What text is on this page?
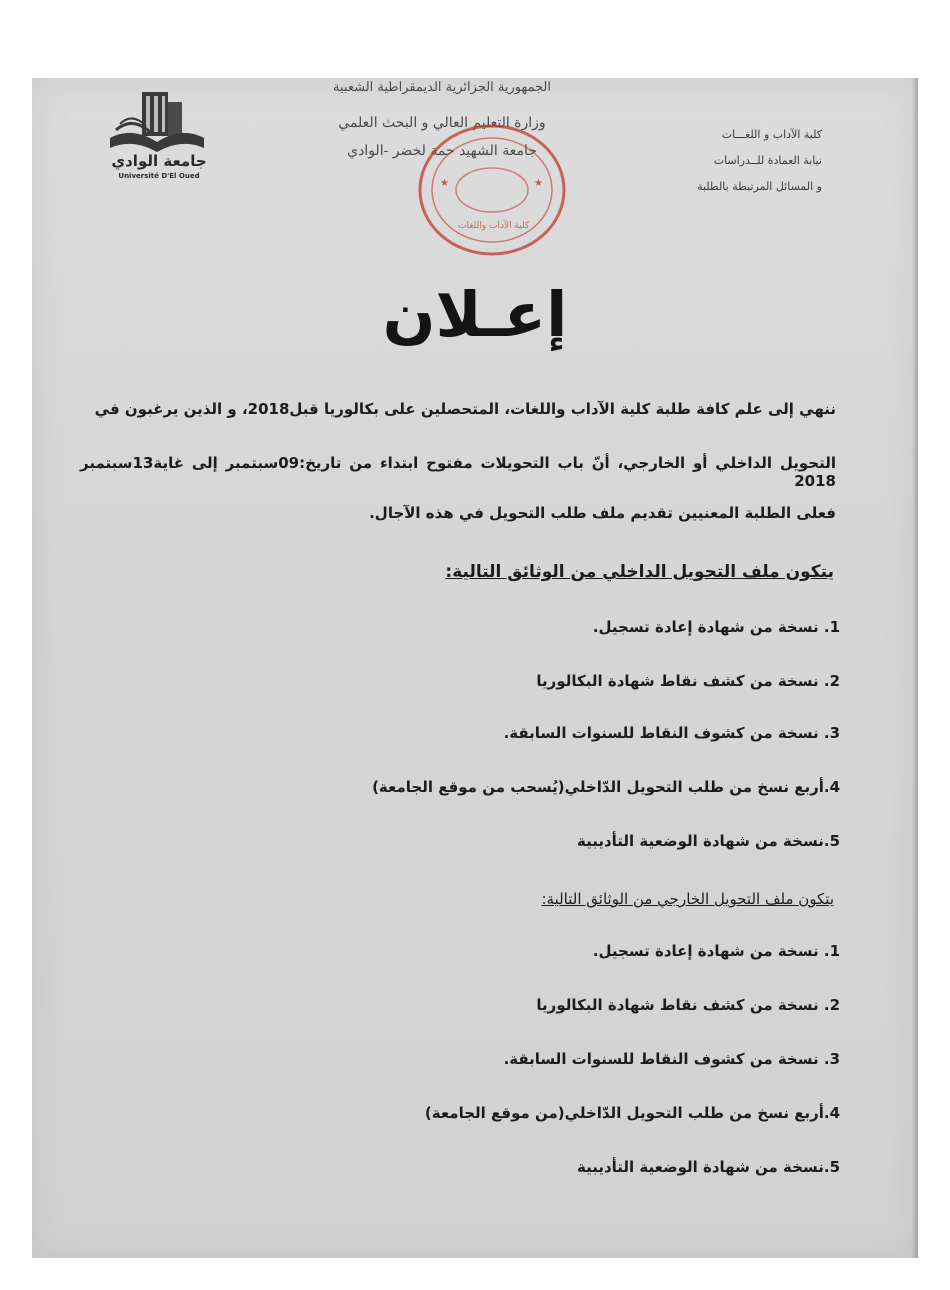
جامعة الوادي
Université D'El Oued
الجمهورية الجزائرية الديمقراطية الشعبية
وزارة التعليم العالي و البحث العلمي
جامعة الشهيد حمة لخضر -الوادي
كلية الآداب و اللغـــات
نيابة العمادة للــدراسات
و المسائل المرتبطة بالطلبة
★	★
كلية الآداب واللغات
إعـلان
ننهي إلى علم كافة طلبة كلية الآداب واللغات، المتحصلين على بكالوريا قبل2018، و الذين يرغبون في
التحويل الداخلي أو الخارجي، أنّ باب التحويلات مفتوح ابتداء من تاريخ:09سبتمبر إلى غاية13سبتمبر 2018
فعلى الطلبة المعنيين تقديم ملف طلب التحويل في هذه الآجال.
يتكون ملف التحويل الداخلي من الوثائق التالية:
1. نسخة من شهادة إعادة تسجيل.
2. نسخة من كشف نقاط شهادة البكالوريا
3. نسخة من كشوف النقاط للسنوات السابقة.
4.أربع نسخ من طلب التحويل الدّاخلي(يُسحب من موقع الجامعة)
5.نسخة من شهادة الوضعية التأديبية
يتكون ملف التحويل الخارجي من الوثائق التالية:
1. نسخة من شهادة إعادة تسجيل.
2. نسخة من كشف نقاط شهادة البكالوريا
3. نسخة من كشوف النقاط للسنوات السابقة.
4.أربع نسخ من طلب التحويل الدّاخلي(من موقع الجامعة)
5.نسخة من شهادة الوضعية التأديبية
